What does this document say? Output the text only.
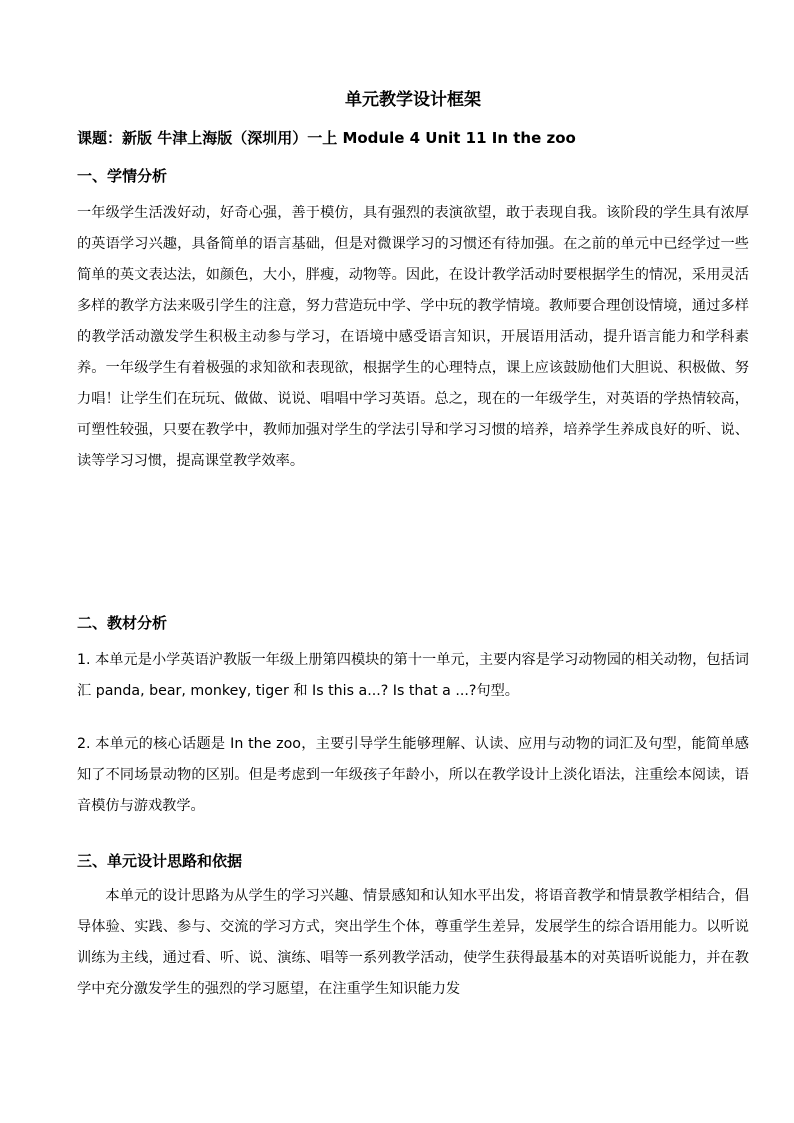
单元教学设计框架
课题：新版 牛津上海版（深圳用）一上 Module 4 Unit 11 In the zoo
一、学情分析

一年级学生活泼好动，好奇心强，善于模仿，具有强烈的表演欲望，敢于表现自我。该阶段的学生具有浓厚的英语学习兴趣，具备简单的语言基础，但是对微课学习的习惯还有待加强。在之前的单元中已经学过一些简单的英文表达法，如颜色，大小，胖瘦，动物等。因此，在设计教学活动时要根据学生的情况，采用灵活多样的教学方法来吸引学生的注意，努力营造玩中学、学中玩的教学情境。教师要合理创设情境，通过多样的教学活动激发学生积极主动参与学习，在语境中感受语言知识，开展语用活动，提升语言能力和学科素养。一年级学生有着极强的求知欲和表现欲，根据学生的心理特点，课上应该鼓励他们大胆说、积极做、努力唱！让学生们在玩玩、做做、说说、唱唱中学习英语。总之，现在的一年级学生，对英语的学热情较高，可塑性较强，只要在教学中，教师加强对学生的学法引导和学习习惯的培养，培养学生养成良好的听、说、读等学习习惯，提高课堂教学效率。

二、教材分析

1. 本单元是小学英语沪教版一年级上册第四模块的第十一单元，主要内容是学习动物园的相关动物，包括词汇 panda, bear, monkey, tiger 和 Is this a...? Is that a ...?句型。

2. 本单元的核心话题是 In the zoo，主要引导学生能够理解、认读、应用与动物的词汇及句型，能简单感知了不同场景动物的区别。但是考虑到一年级孩子年龄小，所以在教学设计上淡化语法，注重绘本阅读，语音模仿与游戏教学。

三、单元设计思路和依据

本单元的设计思路为从学生的学习兴趣、情景感知和认知水平出发，将语音教学和情景教学相结合，倡导体验、实践、参与、交流的学习方式，突出学生个体，尊重学生差异，发展学生的综合语用能力。以听说训练为主线，通过看、听、说、演练、唱等一系列教学活动，使学生获得最基本的对英语听说能力，并在教学中充分激发学生的强烈的学习愿望，在注重学生知识能力发
